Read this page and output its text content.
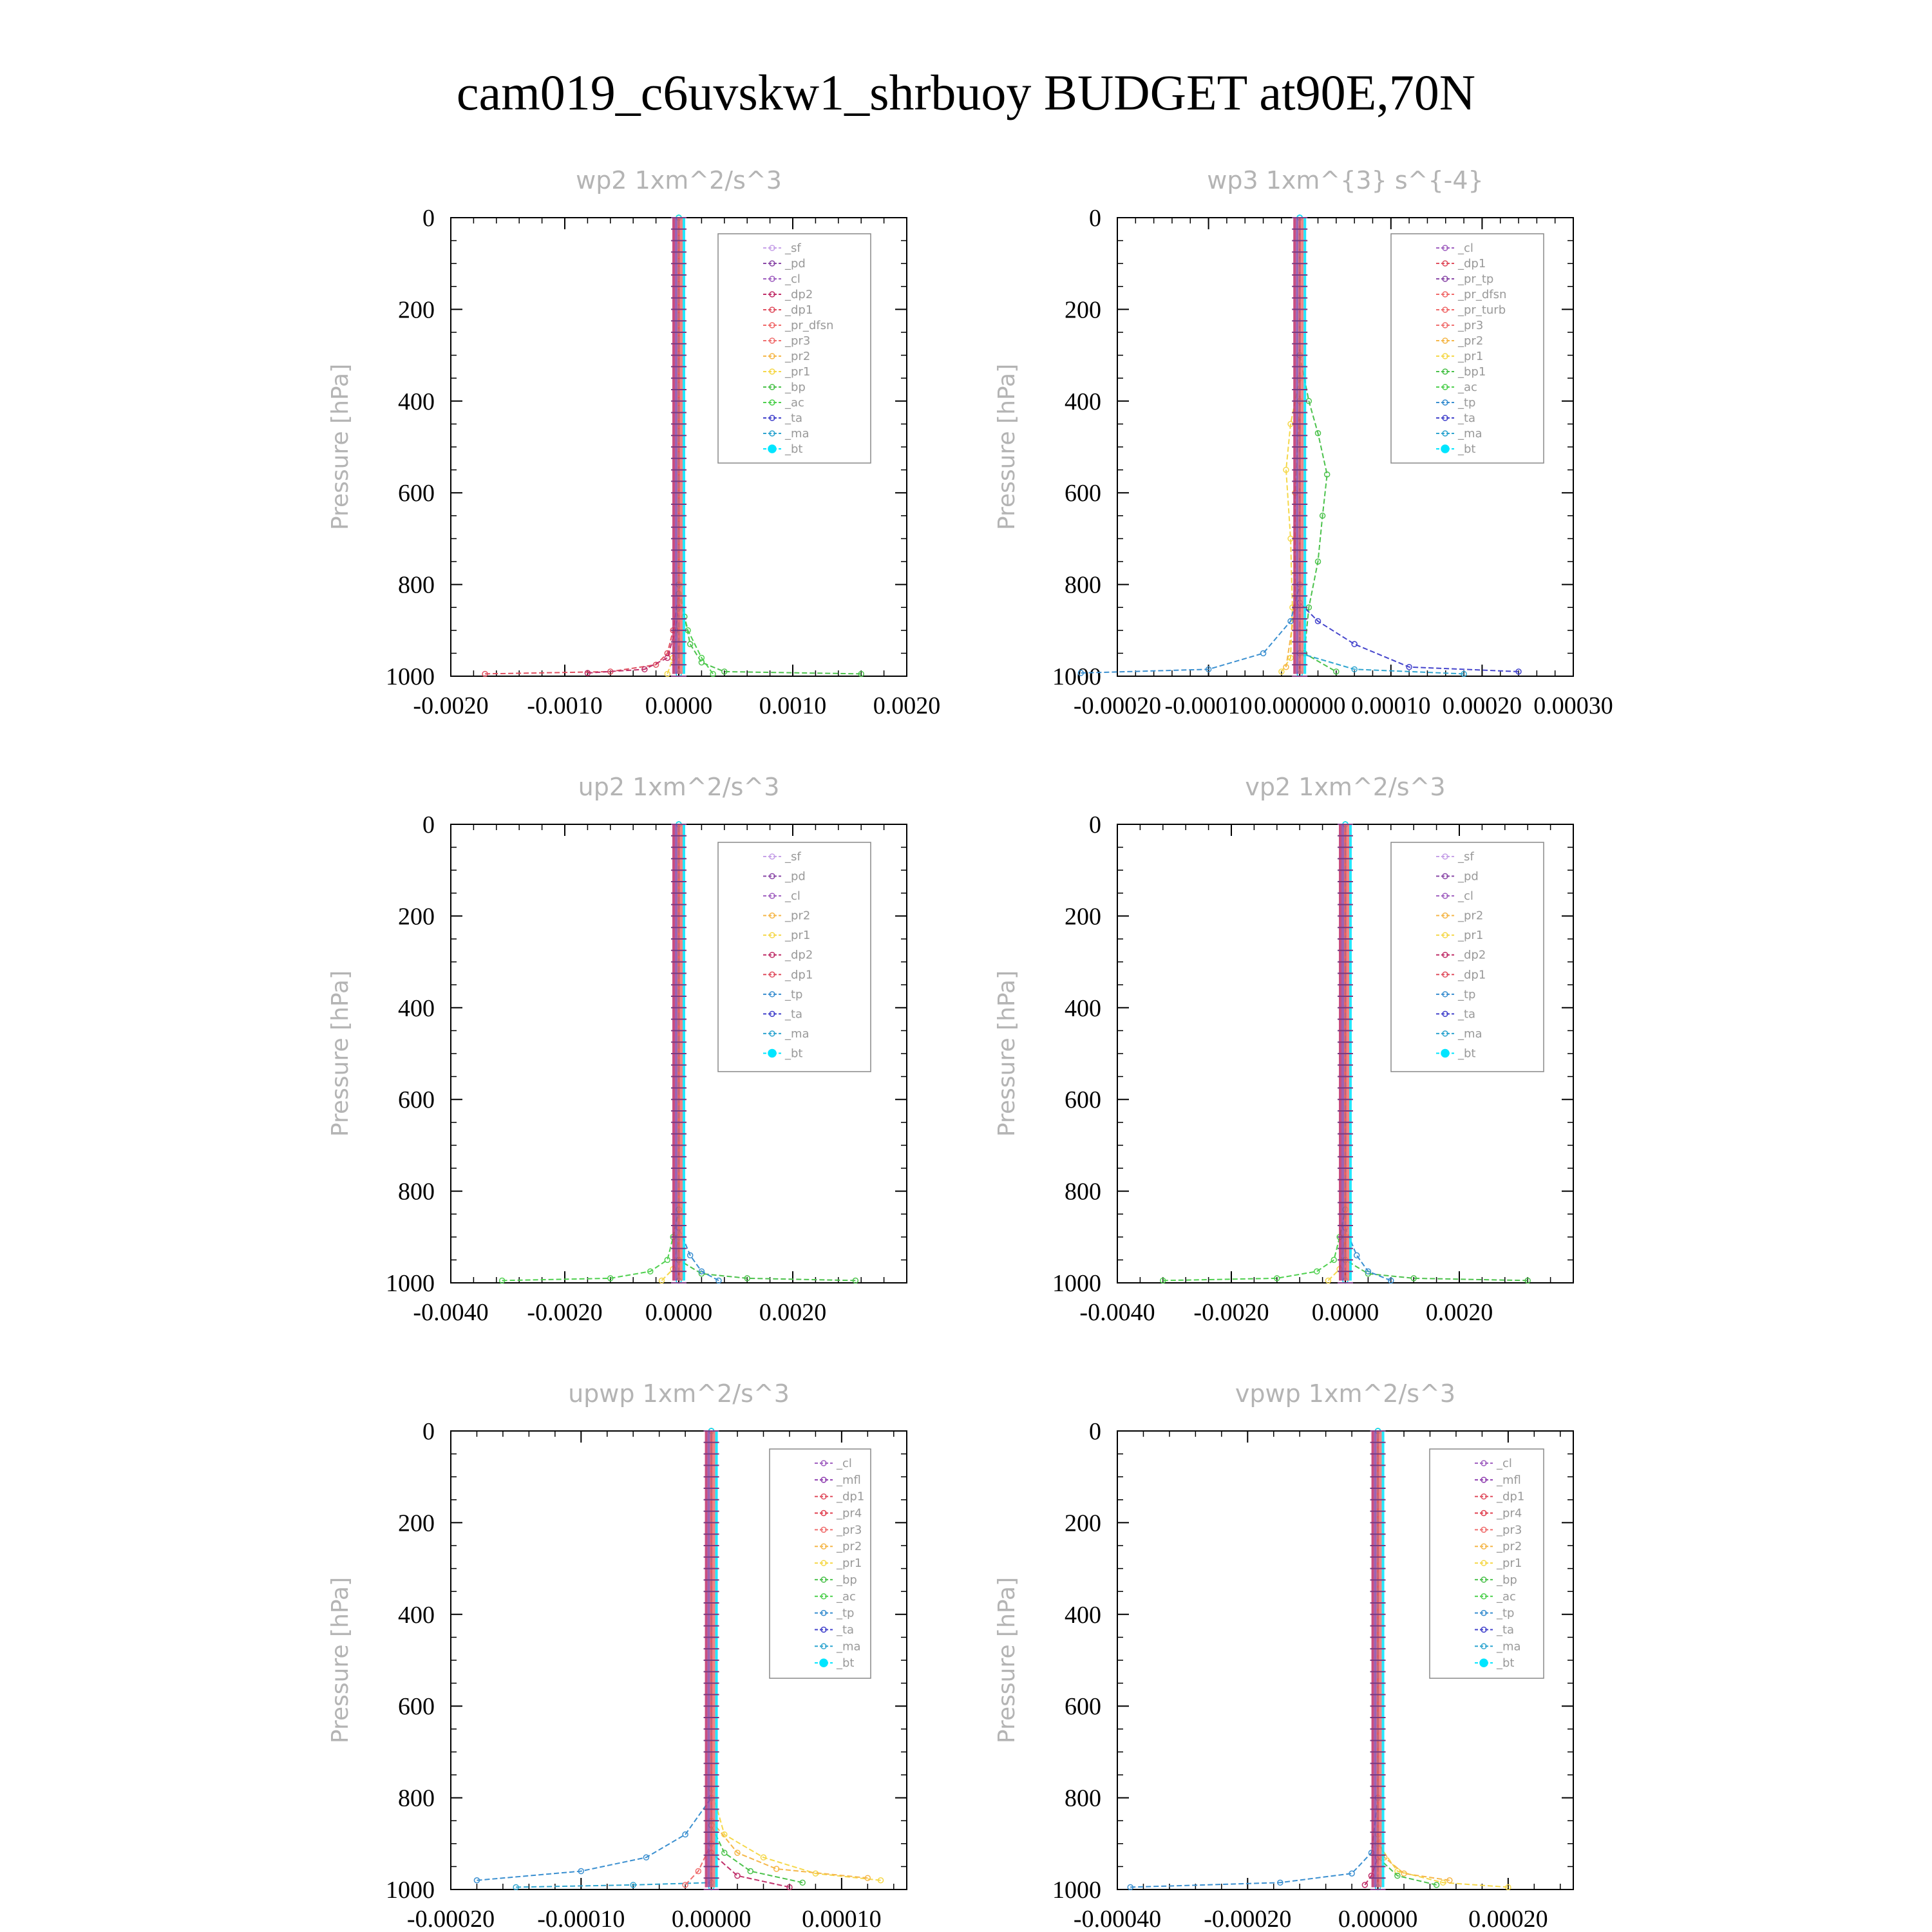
cam019_c6uvskw1_shrbuoy BUDGET at90E,70N
wp2 1xm^2/s^3
Pressure [hPa]
0
200
400
600
800
1000
-0.0020 -0.0010 0.0000 0.0010 0.0020
_sf
_pd
_cl
_dp2
_dp1
_pr_dfsn
_pr3
_pr2
_pr1
_bp
_ac
_ta
_ma
_bt
wp3 1xm^{3} s^{-4}
Pressure [hPa]
0
200
400
600
800
1000
-0.00020 -0.00010 0.000000 0.00010 0.00020 0.00030
_cl
_dp1
_pr_tp
_pr_dfsn
_pr_turb
_pr3
_pr2
_pr1
_bp1
_ac
_tp
_ta
_ma
_bt
up2 1xm^2/s^3
Pressure [hPa]
0
200
400
600
800
1000
-0.0040 -0.0020 0.0000 0.0020
_sf
_pd
_cl
_pr2
_pr1
_dp2
_dp1
_tp
_ta
_ma
_bt
vp2 1xm^2/s^3
Pressure [hPa]
0
200
400
600
800
1000
-0.0040 -0.0020 0.0000 0.0020
_sf
_pd
_cl
_pr2
_pr1
_dp2
_dp1
_tp
_ta
_ma
_bt
upwp 1xm^2/s^3
Pressure [hPa]
0
200
400
600
800
1000
-0.00020 -0.00010 0.00000 0.00010
_cl
_mfl
_dp1
_pr4
_pr3
_pr2
_pr1
_bp
_ac
_tp
_ta
_ma
_bt
vpwp 1xm^2/s^3
Pressure [hPa]
0
200
400
600
800
1000
-0.00040 -0.00020 0.00000 0.00020
_cl
_mfl
_dp1
_pr4
_pr3
_pr2
_pr1
_bp
_ac
_tp
_ta
_ma
_bt
